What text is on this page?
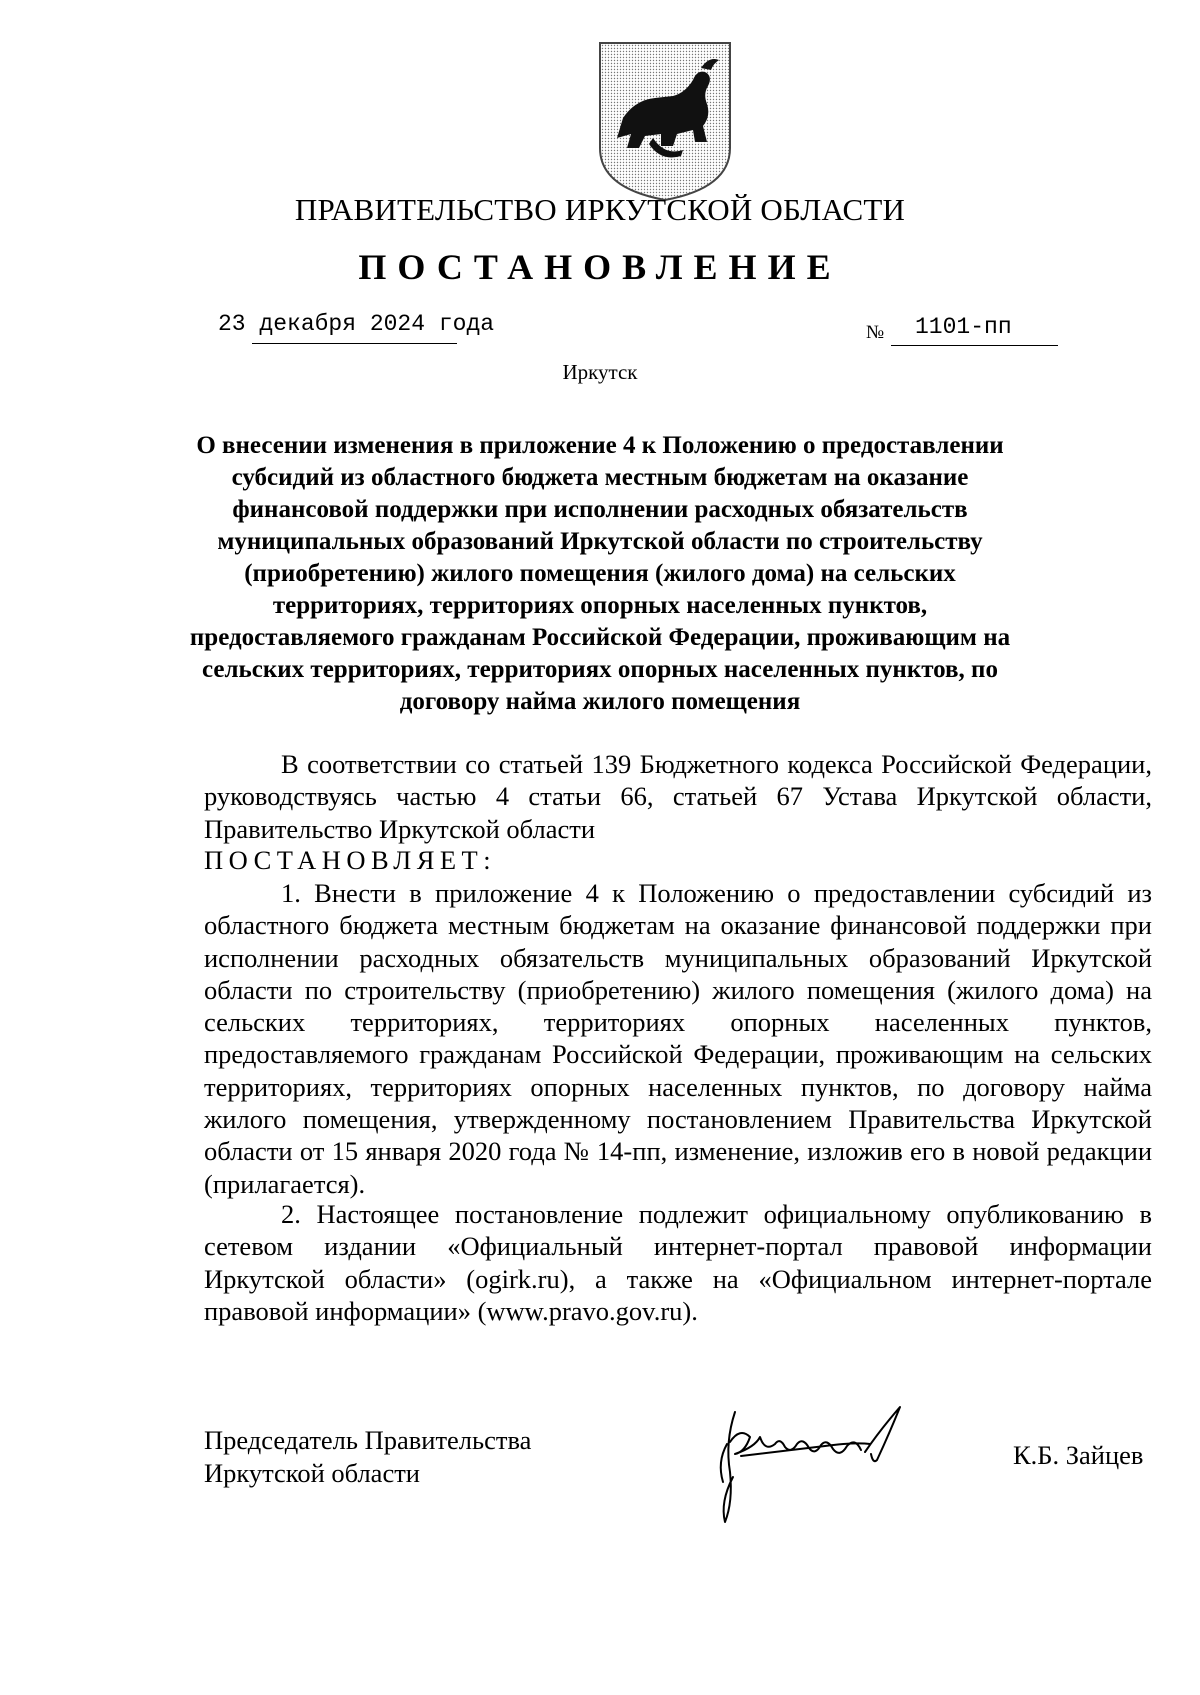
ПРАВИТЕЛЬСТВО ИРКУТСКОЙ ОБЛАСТИ
ПОСТАНОВЛЕНИЕ
23 декабря 2024 года	№ 1101-пп
Иркутск
О внесении изменения в приложение 4 к Положению о предоставлении субсидий из областного бюджета местным бюджетам на оказание финансовой поддержки при исполнении расходных обязательств муниципальных образований Иркутской области по строительству (приобретению) жилого помещения (жилого дома) на сельских территориях, территориях опорных населенных пунктов, предоставляемого гражданам Российской Федерации, проживающим на сельских территориях, территориях опорных населенных пунктов, по договору найма жилого помещения
В соответствии со статьей 139 Бюджетного кодекса Российской Федерации, руководствуясь частью 4 статьи 66, статьей 67 Устава Иркутской области, Правительство Иркутской области
ПОСТАНОВЛЯЕТ:
1. Внести в приложение 4 к Положению о предоставлении субсидий из областного бюджета местным бюджетам на оказание финансовой поддержки при исполнении расходных обязательств муниципальных образований Иркутской области по строительству (приобретению) жилого помещения (жилого дома) на сельских территориях, территориях опорных населенных пунктов, предоставляемого гражданам Российской Федерации, проживающим на сельских территориях, территориях опорных населенных пунктов, по договору найма жилого помещения, утвержденному постановлением Правительства Иркутской области от 15 января 2020 года № 14-пп, изменение, изложив его в новой редакции (прилагается).
2. Настоящее постановление подлежит официальному опубликованию в сетевом издании «Официальный интернет-портал правовой информации Иркутской области» (ogirk.ru), а также на «Официальном интернет-портале правовой информации» (www.pravo.gov.ru).
Председатель Правительства
Иркутской области
К.Б. Зайцев
